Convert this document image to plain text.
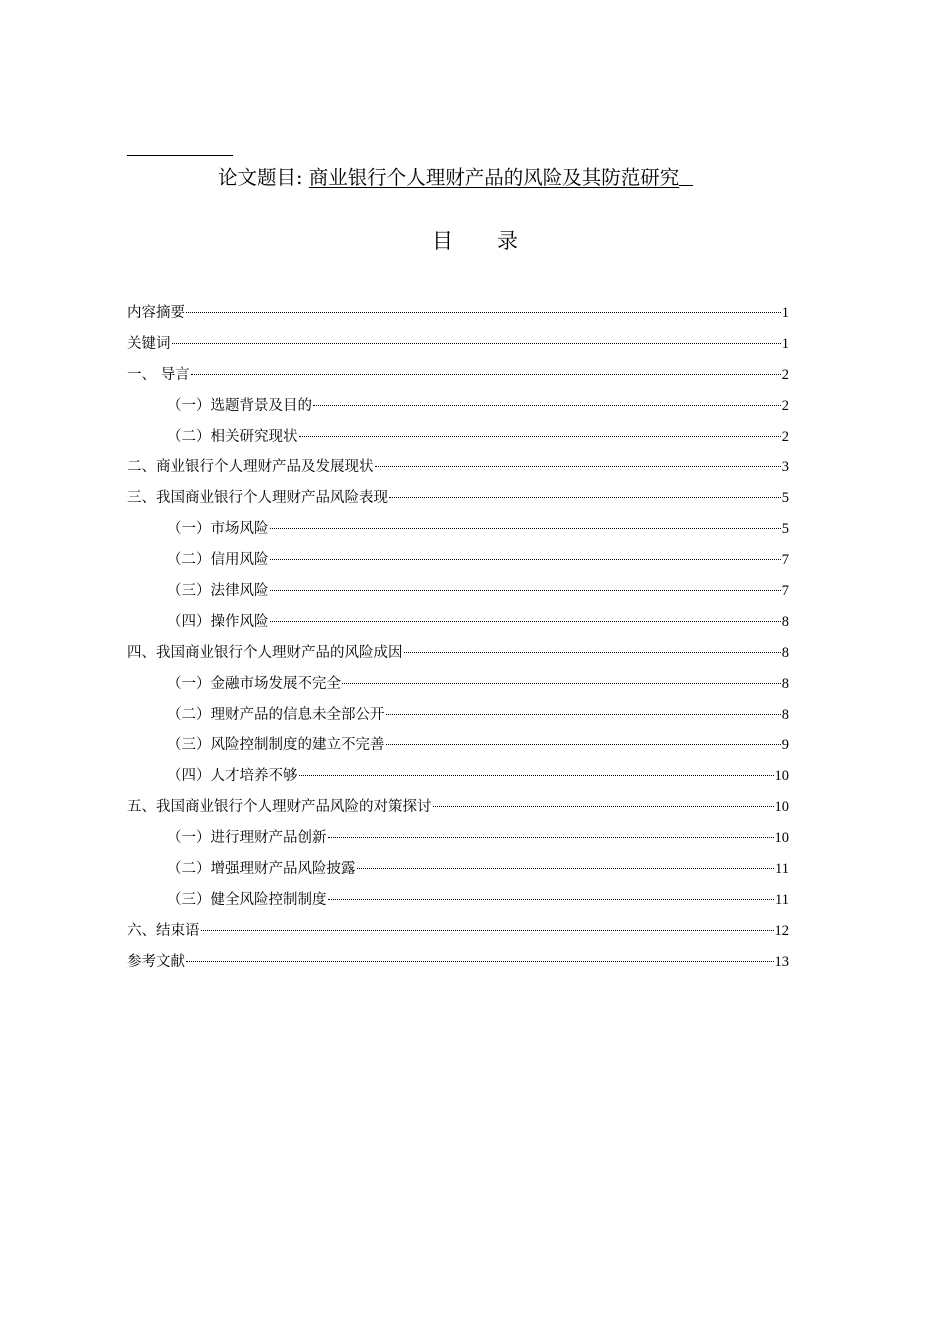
论文题目: 商业银行个人理财产品的风险及其防范研究
目 录
内容摘要	1
关键词	1
一、 导言	2
（一）选题背景及目的	2
（二）相关研究现状	2
二、商业银行个人理财产品及发展现状	3
三、我国商业银行个人理财产品风险表现	5
（一）市场风险	5
（二）信用风险	7
（三）法律风险	7
（四）操作风险	8
四、我国商业银行个人理财产品的风险成因	8
（一）金融市场发展不完全	8
（二）理财产品的信息未全部公开	8
（三）风险控制制度的建立不完善	9
（四）人才培养不够	10
五、我国商业银行个人理财产品风险的对策探讨	10
（一）进行理财产品创新	10
（二）增强理财产品风险披露	11
（三）健全风险控制制度	11
六、结束语	12
参考文献	13
